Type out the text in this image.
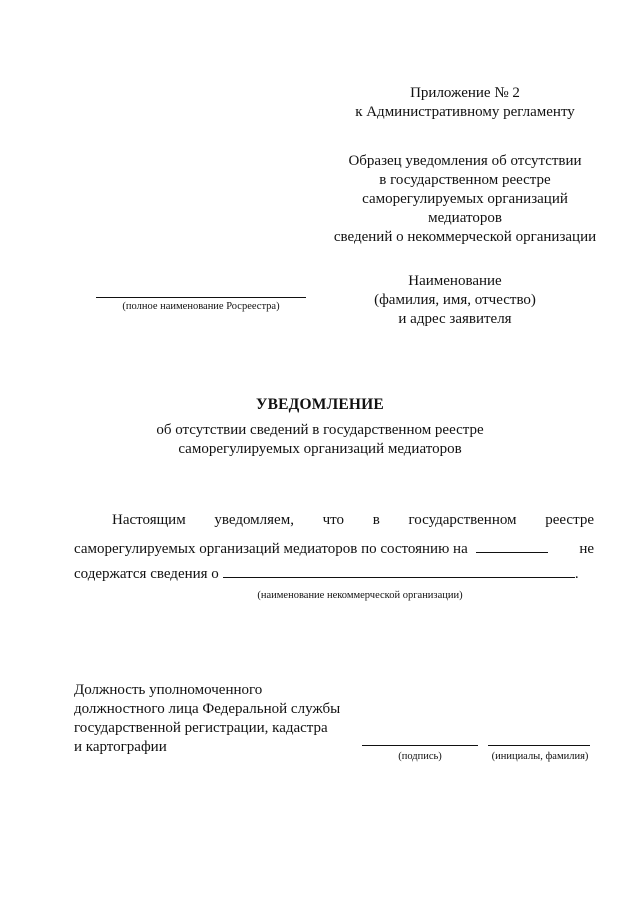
Приложение № 2
к Административному регламенту
Образец уведомления об отсутствии
в государственном реестре
саморегулируемых организаций
медиаторов
сведений о некоммерческой организации
(полное наименование Росреестра)
Наименование
(фамилия, имя, отчество)
и адрес заявителя
УВЕДОМЛЕНИЕ
об отсутствии сведений в государственном реестре
саморегулируемых организаций медиаторов
Настоящим уведомляем, что в государственном реестре
саморегулируемых организаций медиаторов по состоянию на	не
содержатся сведения о	.
(наименование некоммерческой организации)
Должность уполномоченного
должностного лица Федеральной службы
государственной регистрации, кадастра
и картографии
(подпись)	(инициалы, фамилия)
